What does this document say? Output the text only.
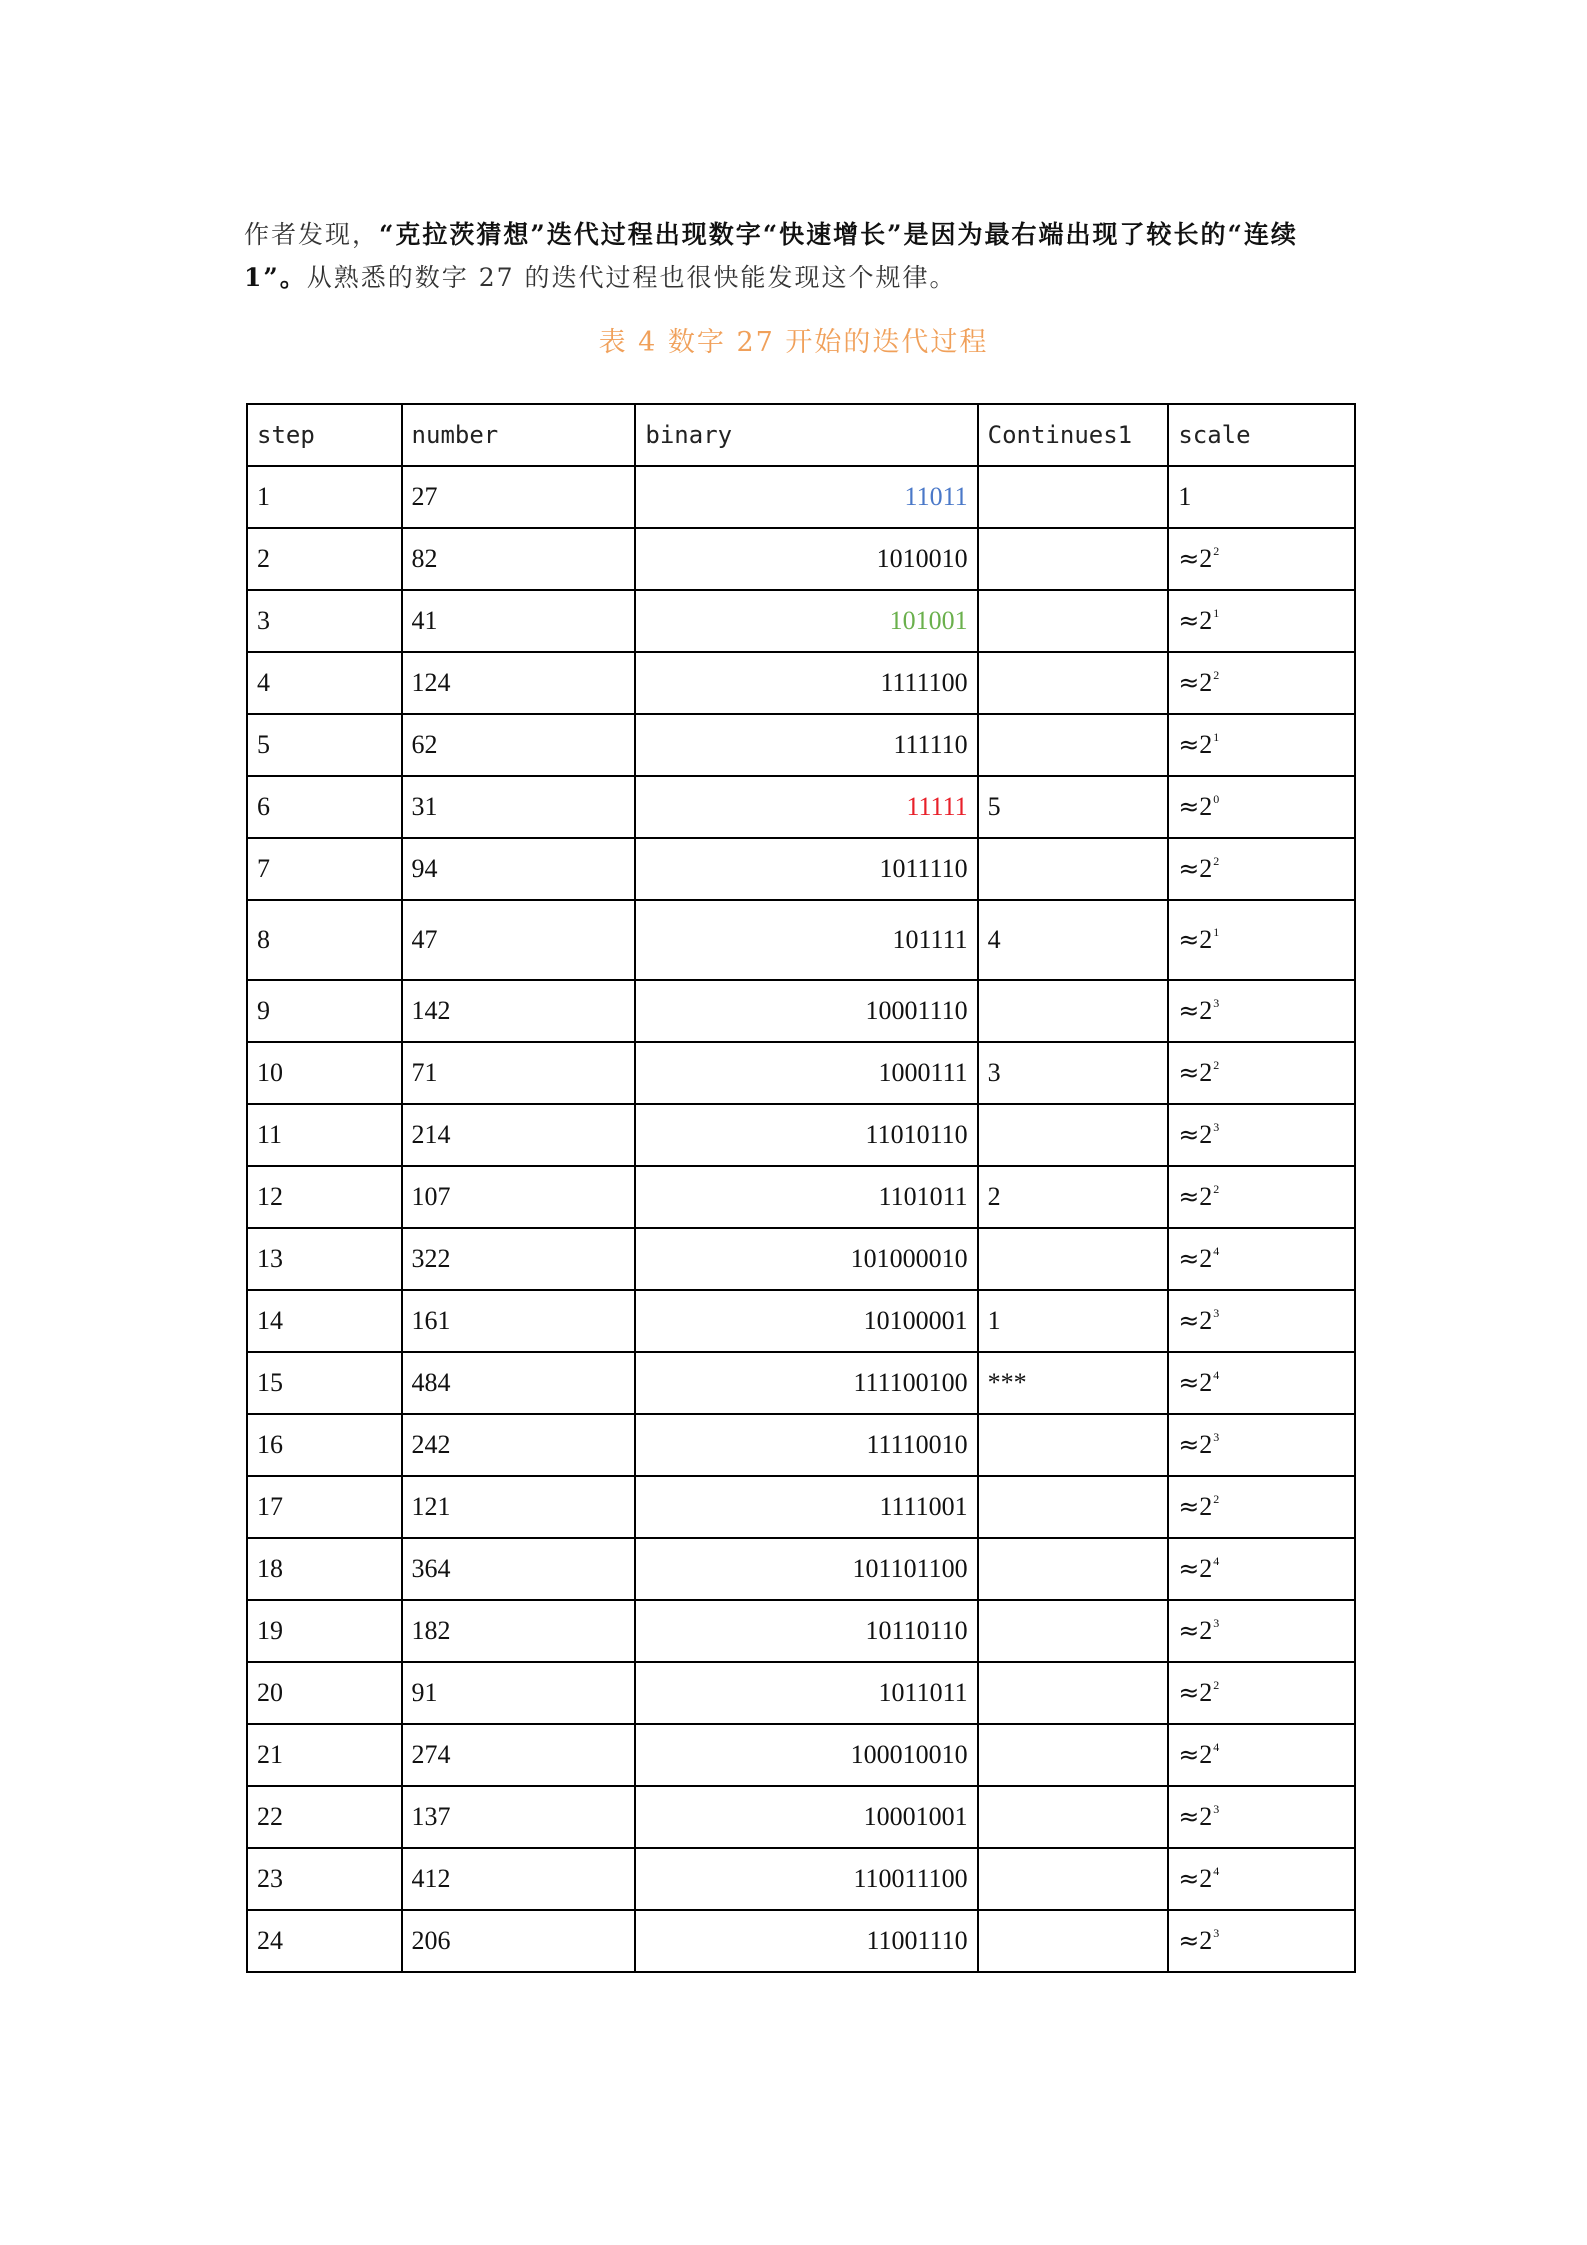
作者发现，“克拉茨猜想”迭代过程出现数字“快速增长”是因为最右端出现了较长的“连续 1”。从熟悉的数字 27 的迭代过程也很快能发现这个规律。

表 4 数字 27 开始的迭代过程
step	number	binary	Continues1	scale
1	27	11011		1
2	82	1010010		$\approx 2^2$
3	41	101001		$\approx 2^1$
4	124	1111100		$\approx 2^2$
5	62	111110		$\approx 2^1$
6	31	11111	5	$\approx 2^0$
7	94	1011110		$\approx 2^2$
8	47	101111	4	$\approx 2^1$
9	142	10001110		$\approx 2^3$
10	71	1000111	3	$\approx 2^2$
11	214	11010110		$\approx 2^3$
12	107	1101011	2	$\approx 2^2$
13	322	101000010		$\approx 2^4$
14	161	10100001	1	$\approx 2^3$
15	484	111100100	***	$\approx 2^4$
16	242	11110010		$\approx 2^3$
17	121	1111001		$\approx 2^2$
18	364	101101100		$\approx 2^4$
19	182	10110110		$\approx 2^3$
20	91	1011011		$\approx 2^2$
21	274	100010010		$\approx 2^4$
22	137	10001001		$\approx 2^3$
23	412	110011100		$\approx 2^4$
24	206	11001110		$\approx 2^3$
